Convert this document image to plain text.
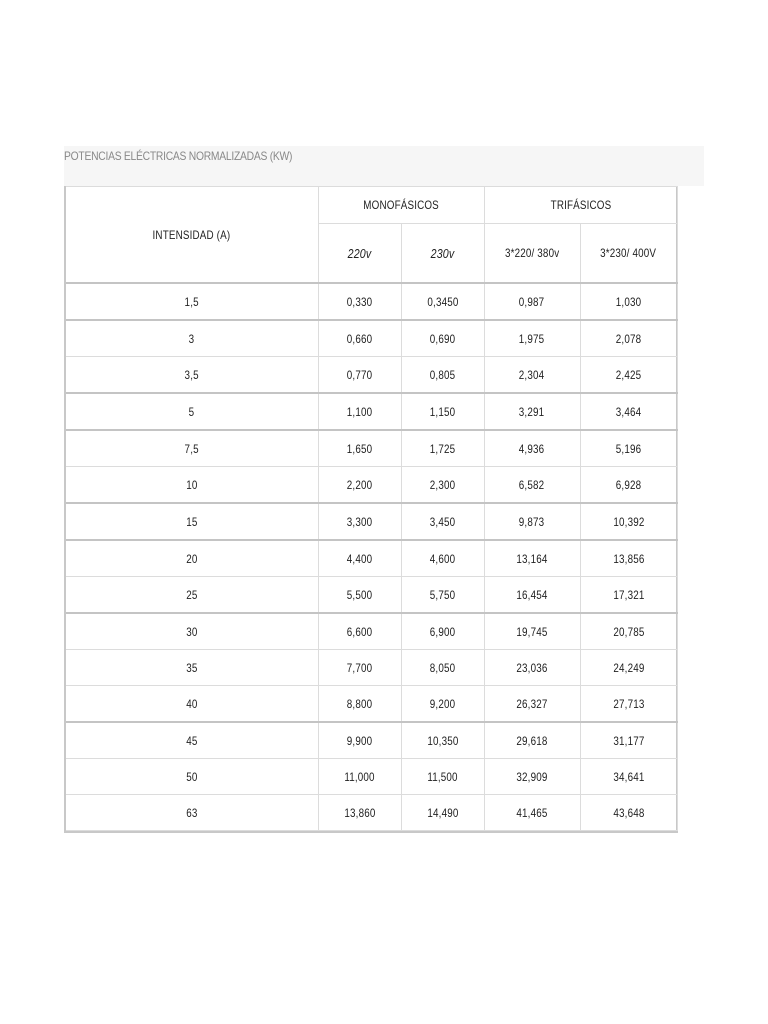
POTENCIAS ELÉCTRICAS NORMALIZADAS (KW)
INTENSIDAD (A)	MONOFÁSICOS		TRIFÁSICOS	
	220v	230v	3*220/ 380v	3*230/ 400V
1,5	0,330	0,3450	0,987	1,030
3	0,660	0,690	1,975	2,078
3,5	0,770	0,805	2,304	2,425
5	1,100	1,150	3,291	3,464
7,5	1,650	1,725	4,936	5,196
10	2,200	2,300	6,582	6,928
15	3,300	3,450	9,873	10,392
20	4,400	4,600	13,164	13,856
25	5,500	5,750	16,454	17,321
30	6,600	6,900	19,745	20,785
35	7,700	8,050	23,036	24,249
40	8,800	9,200	26,327	27,713
45	9,900	10,350	29,618	31,177
50	11,000	11,500	32,909	34,641
63	13,860	14,490	41,465	43,648
